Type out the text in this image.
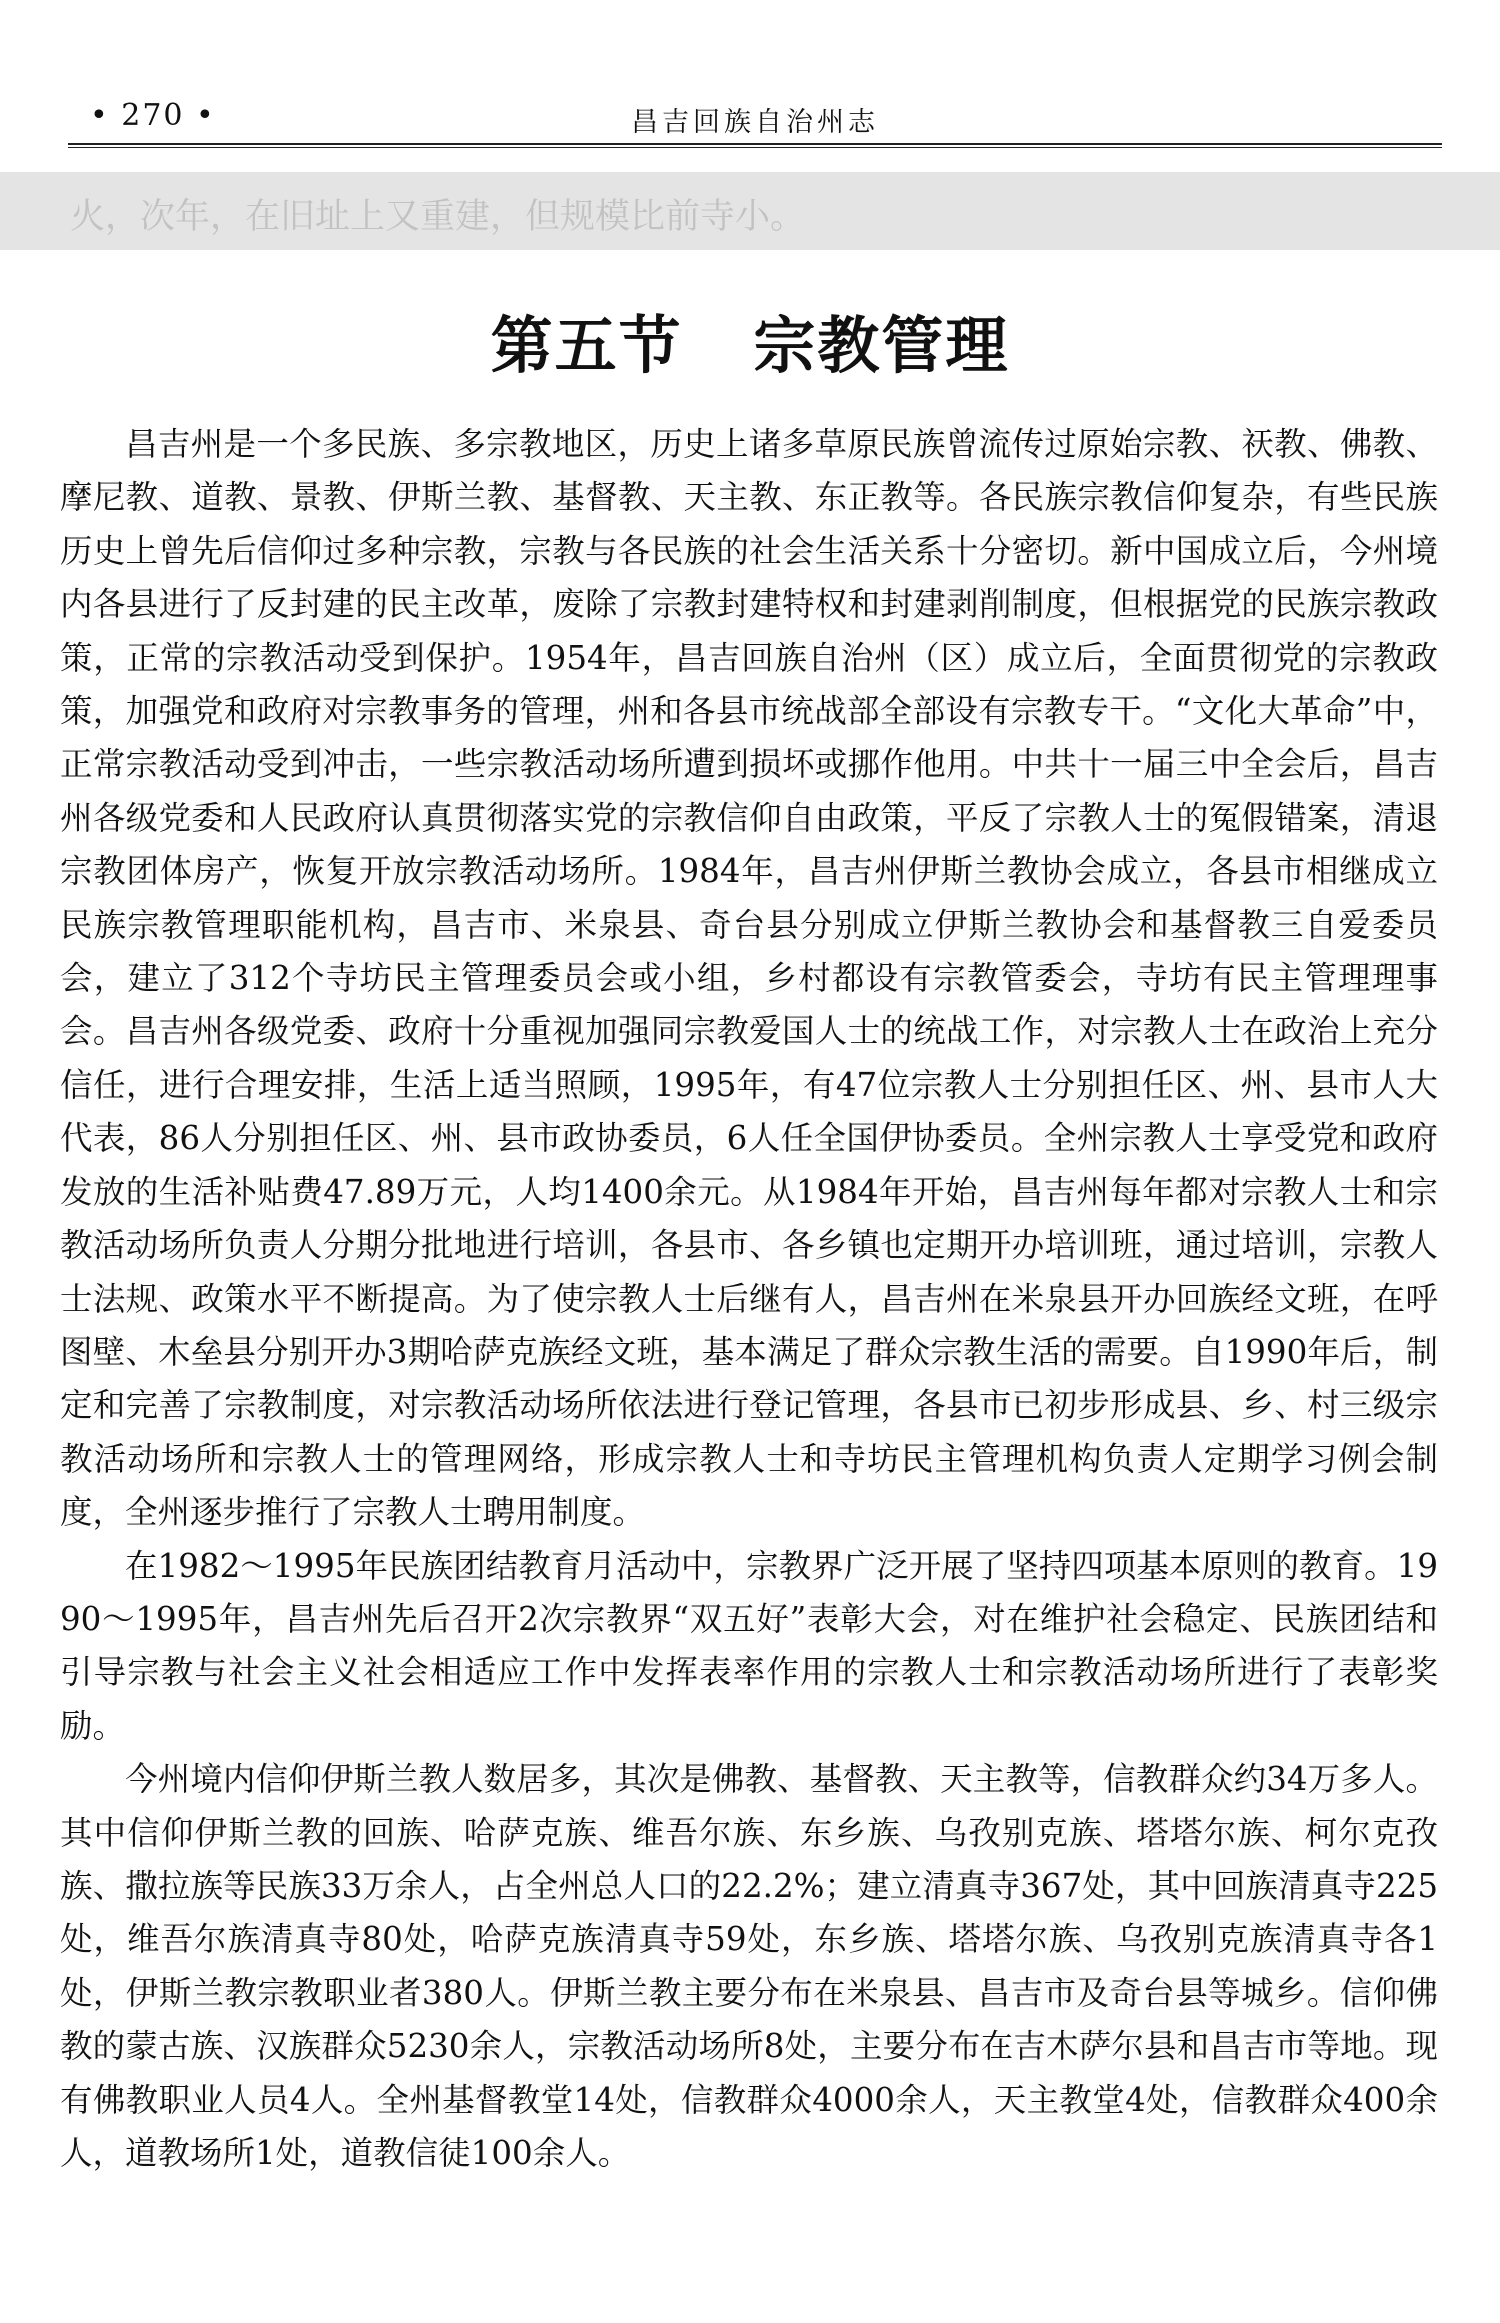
• 270 •	昌吉回族自治州志
火，次年，在旧址上又重建，但规模比前寺小。
第五节   宗教管理

昌吉州是一个多民族、多宗教地区，历史上诸多草原民族曾流传过原始宗教、祆教、佛教、摩尼教、道教、景教、伊斯兰教、基督教、天主教、东正教等。各民族宗教信仰复杂，有些民族历史上曾先后信仰过多种宗教，宗教与各民族的社会生活关系十分密切。新中国成立后，今州境内各县进行了反封建的民主改革，废除了宗教封建特权和封建剥削制度，但根据党的民族宗教政策，正常的宗教活动受到保护。1954年，昌吉回族自治州（区）成立后，全面贯彻党的宗教政策，加强党和政府对宗教事务的管理，州和各县市统战部全部设有宗教专干。“文化大革命”中，正常宗教活动受到冲击，一些宗教活动场所遭到损坏或挪作他用。中共十一届三中全会后，昌吉州各级党委和人民政府认真贯彻落实党的宗教信仰自由政策，平反了宗教人士的冤假错案，清退宗教团体房产，恢复开放宗教活动场所。1984年，昌吉州伊斯兰教协会成立，各县市相继成立民族宗教管理职能机构，昌吉市、米泉县、奇台县分别成立伊斯兰教协会和基督教三自爱委员会，建立了312个寺坊民主管理委员会或小组，乡村都设有宗教管委会，寺坊有民主管理理事会。昌吉州各级党委、政府十分重视加强同宗教爱国人士的统战工作，对宗教人士在政治上充分信任，进行合理安排，生活上适当照顾，1995年，有47位宗教人士分别担任区、州、县市人大代表，86人分别担任区、州、县市政协委员，6人任全国伊协委员。全州宗教人士享受党和政府发放的生活补贴费47.89万元，人均1400余元。从1984年开始，昌吉州每年都对宗教人士和宗教活动场所负责人分期分批地进行培训，各县市、各乡镇也定期开办培训班，通过培训，宗教人士法规、政策水平不断提高。为了使宗教人士后继有人，昌吉州在米泉县开办回族经文班，在呼图壁、木垒县分别开办3期哈萨克族经文班，基本满足了群众宗教生活的需要。自1990年后，制定和完善了宗教制度，对宗教活动场所依法进行登记管理，各县市已初步形成县、乡、村三级宗教活动场所和宗教人士的管理网络，形成宗教人士和寺坊民主管理机构负责人定期学习例会制度，全州逐步推行了宗教人士聘用制度。

在1982～1995年民族团结教育月活动中，宗教界广泛开展了坚持四项基本原则的教育。1990～1995年，昌吉州先后召开2次宗教界“双五好”表彰大会，对在维护社会稳定、民族团结和引导宗教与社会主义社会相适应工作中发挥表率作用的宗教人士和宗教活动场所进行了表彰奖励。

今州境内信仰伊斯兰教人数居多，其次是佛教、基督教、天主教等，信教群众约34万多人。其中信仰伊斯兰教的回族、哈萨克族、维吾尔族、东乡族、乌孜别克族、塔塔尔族、柯尔克孜族、撒拉族等民族33万余人，占全州总人口的22.2%；建立清真寺367处，其中回族清真寺225处，维吾尔族清真寺80处，哈萨克族清真寺59处，东乡族、塔塔尔族、乌孜别克族清真寺各1处，伊斯兰教宗教职业者380人。伊斯兰教主要分布在米泉县、昌吉市及奇台县等城乡。信仰佛教的蒙古族、汉族群众5230余人，宗教活动场所8处，主要分布在吉木萨尔县和昌吉市等地。现有佛教职业人员4人。全州基督教堂14处，信教群众4000余人，天主教堂4处，信教群众400余人，道教场所1处，道教信徒100余人。
